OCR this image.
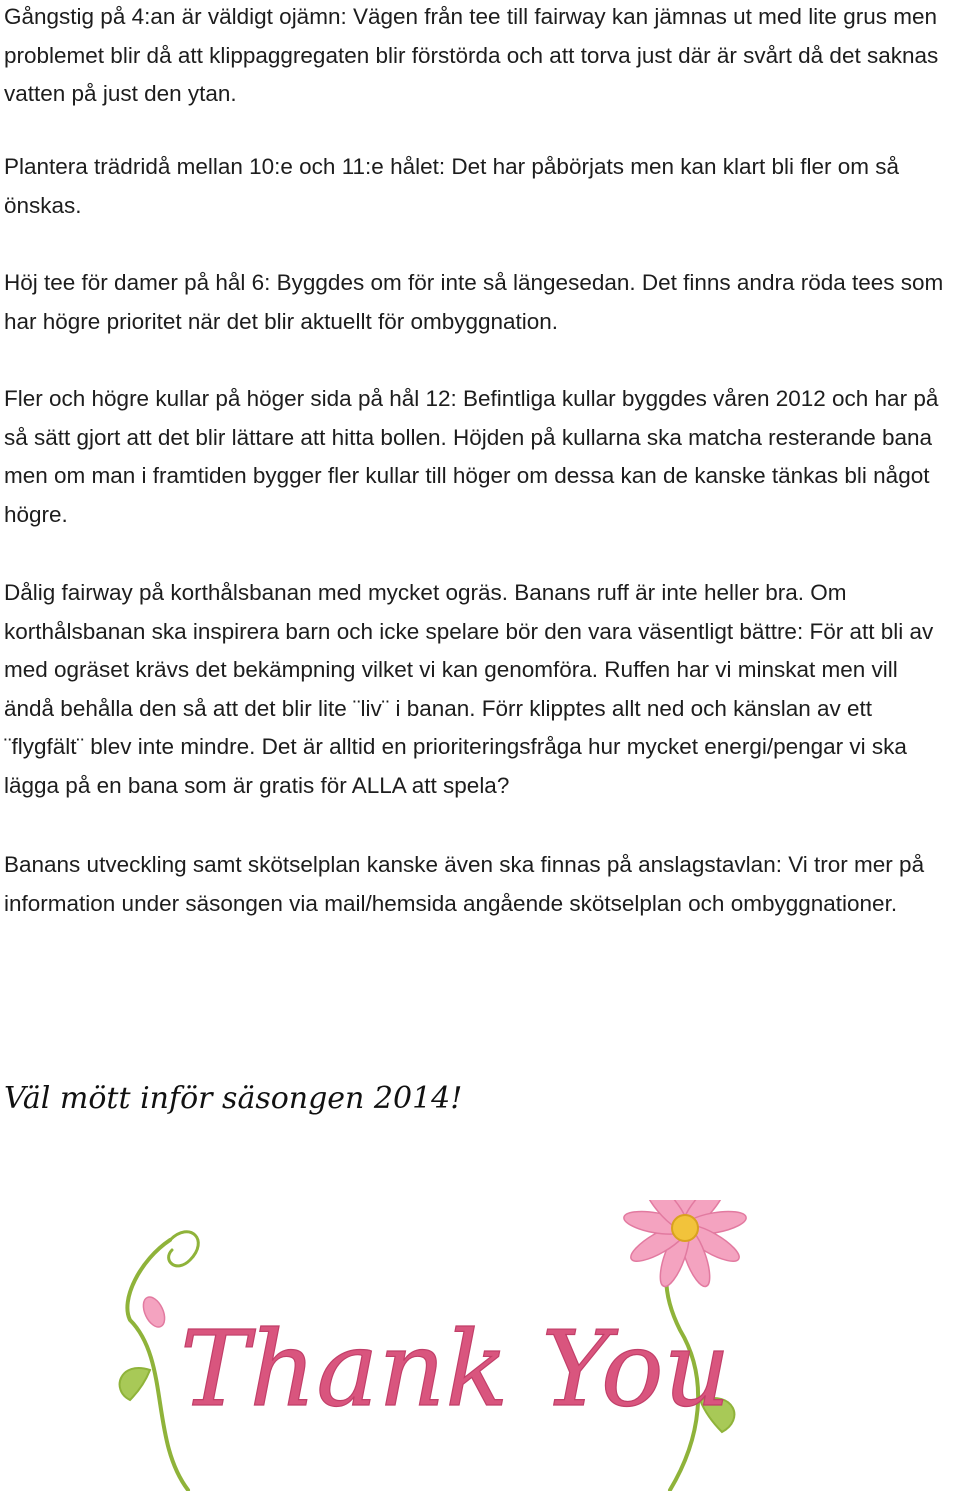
Gångstig på 4:an är väldigt ojämn: Vägen från tee till fairway kan jämnas ut med lite grus men problemet blir då att klippaggregaten blir förstörda och att torva just där är svårt då det saknas vatten på just den ytan.

Plantera trädridå mellan 10:e och 11:e hålet: Det har påbörjats men kan klart bli fler om så önskas.

Höj tee för damer på hål 6: Byggdes om för inte så längesedan. Det finns andra röda tees som har högre prioritet när det blir aktuellt för ombyggnation.

Fler och högre kullar på höger sida på hål 12: Befintliga kullar byggdes våren 2012 och har på så sätt gjort att det blir lättare att hitta bollen. Höjden på kullarna ska matcha resterande bana men om man i framtiden bygger fler kullar till höger om dessa kan de kanske tänkas bli något högre.

Dålig fairway på korthålsbanan med mycket ogräs. Banans ruff är inte heller bra. Om korthålsbanan ska inspirera barn och icke spelare bör den vara väsentligt bättre: För att bli av med ogräset krävs det bekämpning vilket vi kan genomföra. Ruffen har vi minskat men vill ändå behålla den så att det blir lite ¨liv¨ i banan. Förr klipptes allt ned och känslan av ett ¨flygfält¨ blev inte mindre. Det är alltid en prioriteringsfråga hur mycket energi/pengar vi ska lägga på en bana som är gratis för ALLA att spela?

Banans utveckling samt skötselplan kanske även ska finnas på anslagstavlan: Vi tror mer på information under säsongen via mail/hemsida angående skötselplan och ombyggnationer.

Väl mött inför säsongen 2014!

Thank You
